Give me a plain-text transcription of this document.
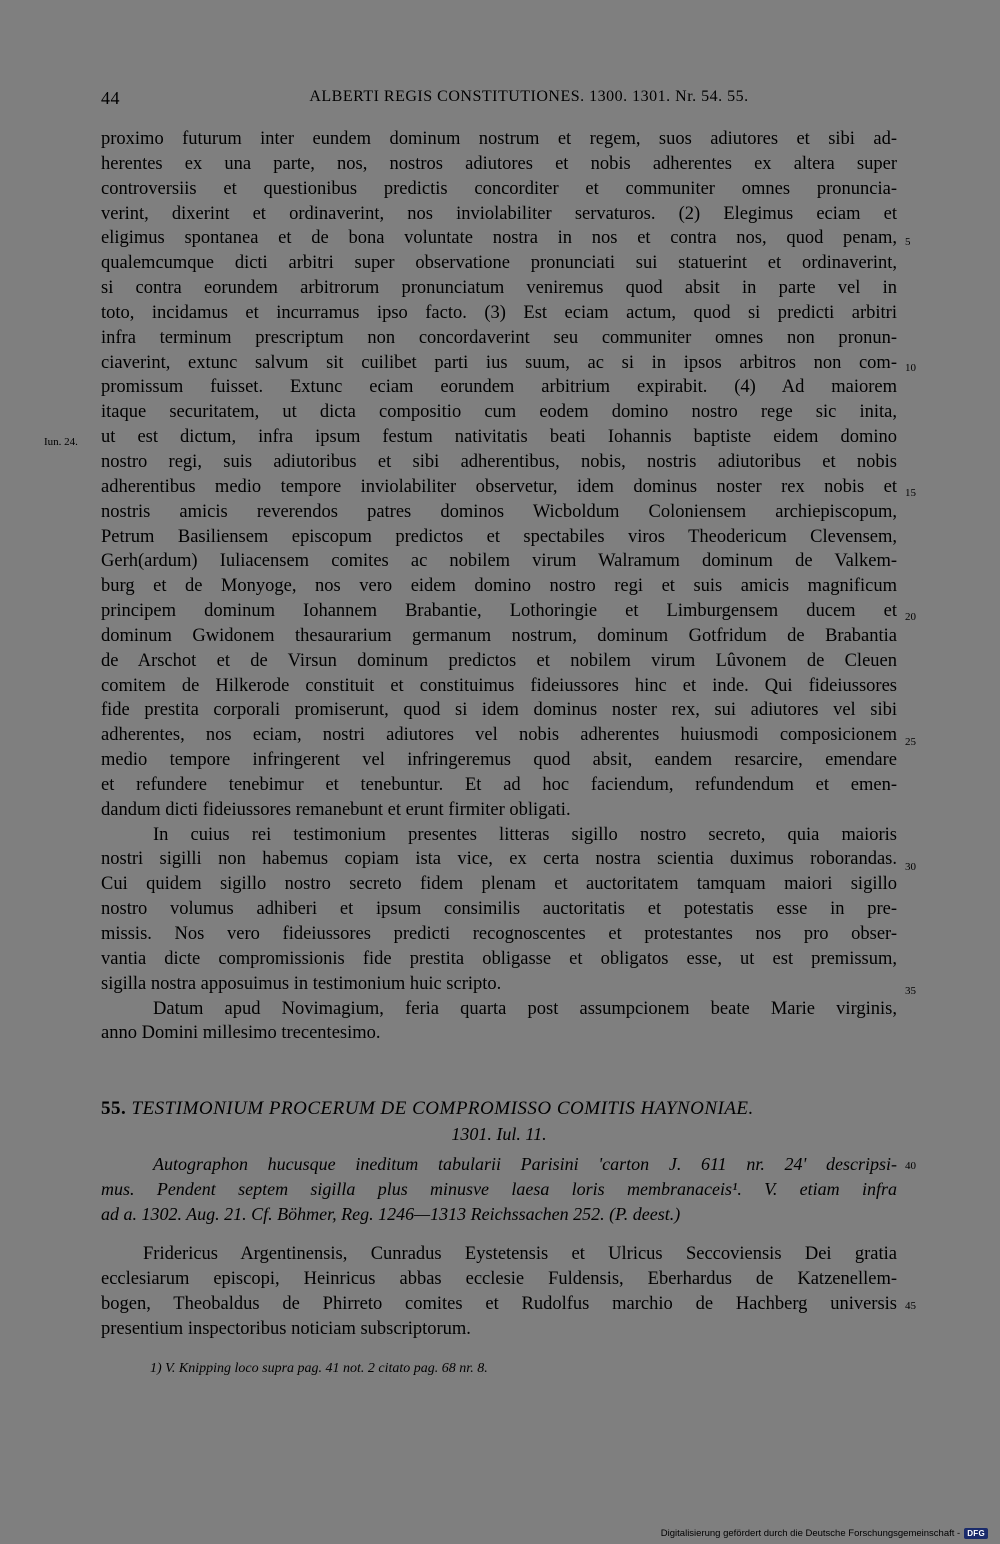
44	ALBERTI REGIS CONSTITUTIONES. 1300. 1301. Nr. 54. 55.
proximo futurum inter eundem dominum nostrum et regem, suos adiutores et sibi ad-
herentes ex una parte, nos, nostros adiutores et nobis adherentes ex altera super
controversiis et questionibus predictis concorditer et communiter omnes pronuncia-
verint, dixerint et ordinaverint, nos inviolabiliter servaturos. (2) Elegimus eciam et
eligimus spontanea et de bona voluntate nostra in nos et contra nos, quod penam,
qualemcumque dicti arbitri super observatione pronunciati sui statuerint et ordinaverint,
si contra eorundem arbitrorum pronunciatum veniremus quod absit in parte vel in
toto, incidamus et incurramus ipso facto. (3) Est eciam actum, quod si predicti arbitri
infra terminum prescriptum non concordaverint seu communiter omnes non pronun-
ciaverint, extunc salvum sit cuilibet parti ius suum, ac si in ipsos arbitros non com-
promissum fuisset. Extunc eciam eorundem arbitrium expirabit. (4) Ad maiorem
itaque securitatem, ut dicta compositio cum eodem domino nostro rege sic inita,
ut est dictum, infra ipsum festum nativitatis beati Iohannis baptiste eidem domino
nostro regi, suis adiutoribus et sibi adherentibus, nobis, nostris adiutoribus et nobis
adherentibus medio tempore inviolabiliter observetur, idem dominus noster rex nobis et
nostris amicis reverendos patres dominos Wicboldum Coloniensem archiepiscopum,
Petrum Basiliensem episcopum predictos et spectabiles viros Theodericum Clevensem,
Gerh(ardum) Iuliacensem comites ac nobilem virum Walramum dominum de Valkem-
burg et de Monyoge, nos vero eidem domino nostro regi et suis amicis magnificum
principem dominum Iohannem Brabantie, Lothoringie et Limburgensem ducem et
dominum Gwidonem thesaurarium germanum nostrum, dominum Gotfridum de Brabantia
de Arschot et de Virsun dominum predictos et nobilem virum Lûvonem de Cleuen
comitem de Hilkerode constituit et constituimus fideiussores hinc et inde. Qui fideiussores
fide prestita corporali promiserunt, quod si idem dominus noster rex, sui adiutores vel sibi
adherentes, nos eciam, nostri adiutores vel nobis adherentes huiusmodi composicionem
medio tempore infringerent vel infringeremus quod absit, eandem resarcire, emendare
et refundere tenebimur et tenebuntur. Et ad hoc faciendum, refundendum et emen-
dandum dicti fideiussores remanebunt et erunt firmiter obligati.
In cuius rei testimonium presentes litteras sigillo nostro secreto, quia maioris
nostri sigilli non habemus copiam ista vice, ex certa nostra scientia duximus roborandas.
Cui quidem sigillo nostro secreto fidem plenam et auctoritatem tamquam maiori sigillo
nostro volumus adhiberi et ipsum consimilis auctoritatis et potestatis esse in pre-
missis. Nos vero fideiussores predicti recognoscentes et protestantes nos pro obser-
vantia dicte compromissionis fide prestita obligasse et obligatos esse, ut est premissum,
sigilla nostra apposuimus in testimonium huic scripto.
Datum apud Novimagium, feria quarta post assumpcionem beate Marie virginis,
anno Domini millesimo trecentesimo.
5
10
15
20
25
30
35
40
45
Iun. 24.
55. TESTIMONIUM PROCERUM DE COMPROMISSO COMITIS HAYNONIAE.
1301. Iul. 11.
Autographon hucusque ineditum tabularii Parisini 'carton J. 611 nr. 24' descripsi-
mus. Pendent septem sigilla plus minusve laesa loris membranaceis¹. V. etiam infra
ad a. 1302. Aug. 21. Cf. Böhmer, Reg. 1246—1313 Reichssachen 252. (P. deest.)
Fridericus Argentinensis, Cunradus Eystetensis et Ulricus Seccoviensis Dei gratia
ecclesiarum episcopi, Heinricus abbas ecclesie Fuldensis, Eberhardus de Katzenellem-
bogen, Theobaldus de Phirreto comites et Rudolfus marchio de Hachberg universis
presentium inspectoribus noticiam subscriptorum.
1) V. Knipping loco supra pag. 41 not. 2 citato pag. 68 nr. 8.
Digitalisierung gefördert durch die Deutsche Forschungsgemeinschaft - DFG
